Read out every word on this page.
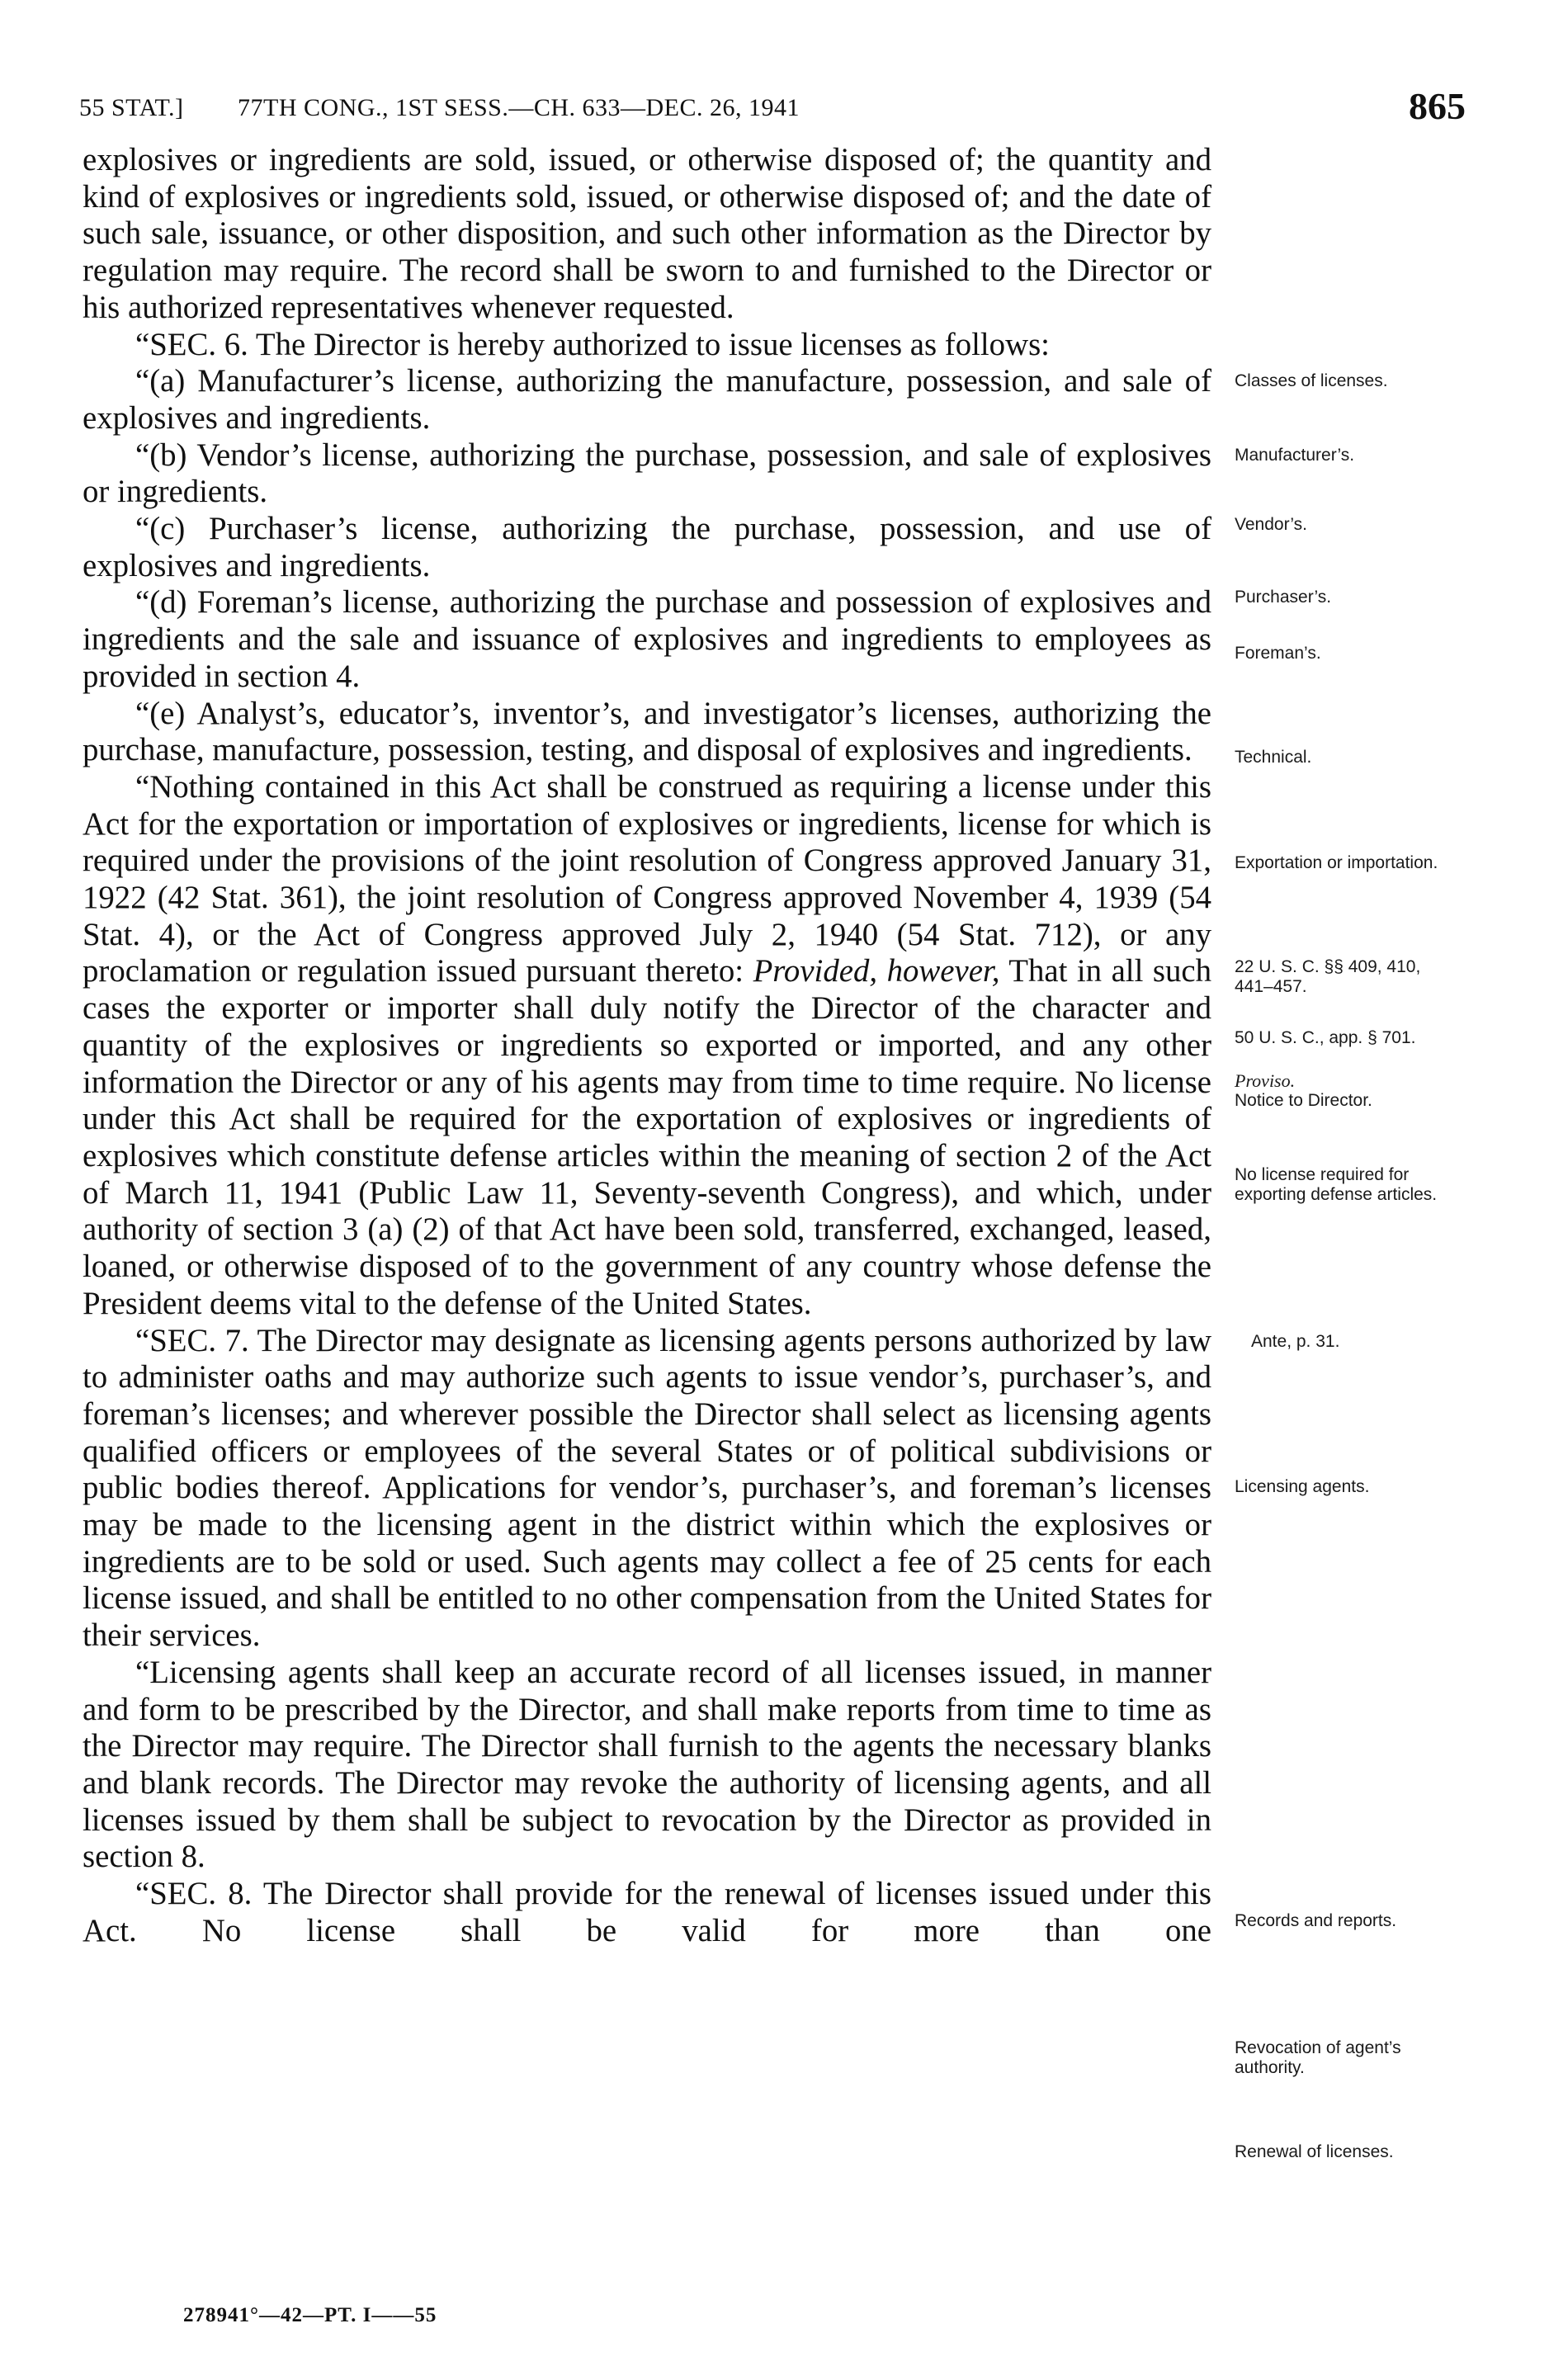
55 STAT.] 77TH CONG., 1ST SESS.—CH. 633—DEC. 26, 1941	865

explosives or ingredients are sold, issued, or otherwise disposed of; the quantity and kind of explosives or ingredients sold, issued, or otherwise disposed of; and the date of such sale, issuance, or other disposition, and such other information as the Director by regulation may require. The record shall be sworn to and furnished to the Director or his authorized representatives whenever requested.

“SEC. 6. The Director is hereby authorized to issue licenses as follows:

“(a) Manufacturer’s license, authorizing the manufacture, possession, and sale of explosives and ingredients.

“(b) Vendor’s license, authorizing the purchase, possession, and sale of explosives or ingredients.

“(c) Purchaser’s license, authorizing the purchase, possession, and use of explosives and ingredients.

“(d) Foreman’s license, authorizing the purchase and possession of explosives and ingredients and the sale and issuance of explosives and ingredients to employees as provided in section 4.

“(e) Analyst’s, educator’s, inventor’s, and investigator’s licenses, authorizing the purchase, manufacture, possession, testing, and disposal of explosives and ingredients.

“Nothing contained in this Act shall be construed as requiring a license under this Act for the exportation or importation of explosives or ingredients, license for which is required under the provisions of the joint resolution of Congress approved January 31, 1922 (42 Stat. 361), the joint resolution of Congress approved November 4, 1939 (54 Stat. 4), or the Act of Congress approved July 2, 1940 (54 Stat. 712), or any proclamation or regulation issued pursuant thereto: Provided, however, That in all such cases the exporter or importer shall duly notify the Director of the character and quantity of the explosives or ingredients so exported or imported, and any other information the Director or any of his agents may from time to time require. No license under this Act shall be required for the exportation of explosives or ingredients of explosives which constitute defense articles within the meaning of section 2 of the Act of March 11, 1941 (Public Law 11, Seventy-seventh Congress), and which, under authority of section 3 (a) (2) of that Act have been sold, transferred, exchanged, leased, loaned, or otherwise disposed of to the government of any country whose defense the President deems vital to the defense of the United States.

“SEC. 7. The Director may designate as licensing agents persons authorized by law to administer oaths and may authorize such agents to issue vendor’s, purchaser’s, and foreman’s licenses; and wherever possible the Director shall select as licensing agents qualified officers or employees of the several States or of political subdivisions or public bodies thereof. Applications for vendor’s, purchaser’s, and foreman’s licenses may be made to the licensing agent in the district within which the explosives or ingredients are to be sold or used. Such agents may collect a fee of 25 cents for each license issued, and shall be entitled to no other compensation from the United States for their services.

“Licensing agents shall keep an accurate record of all licenses issued, in manner and form to be prescribed by the Director, and shall make reports from time to time as the Director may require. The Director shall furnish to the agents the necessary blanks and blank records. The Director may revoke the authority of licensing agents, and all licenses issued by them shall be subject to revocation by the Director as provided in section 8.

“SEC. 8. The Director shall provide for the renewal of licenses issued under this Act. No license shall be valid for more than one

Classes of licenses.
Manufacturer’s.
Vendor’s.
Purchaser’s.
Foreman’s.
Technical.
Exportation or importation.
22 U. S. C. §§ 409, 410, 441–457.
50 U. S. C., app. § 701.
Proviso.
Notice to Director.
No license required for exporting defense articles.
Ante, p. 31.
Licensing agents.
Records and reports.
Revocation of agent’s authority.
Renewal of licenses.
278941°—42—PT. I——55
